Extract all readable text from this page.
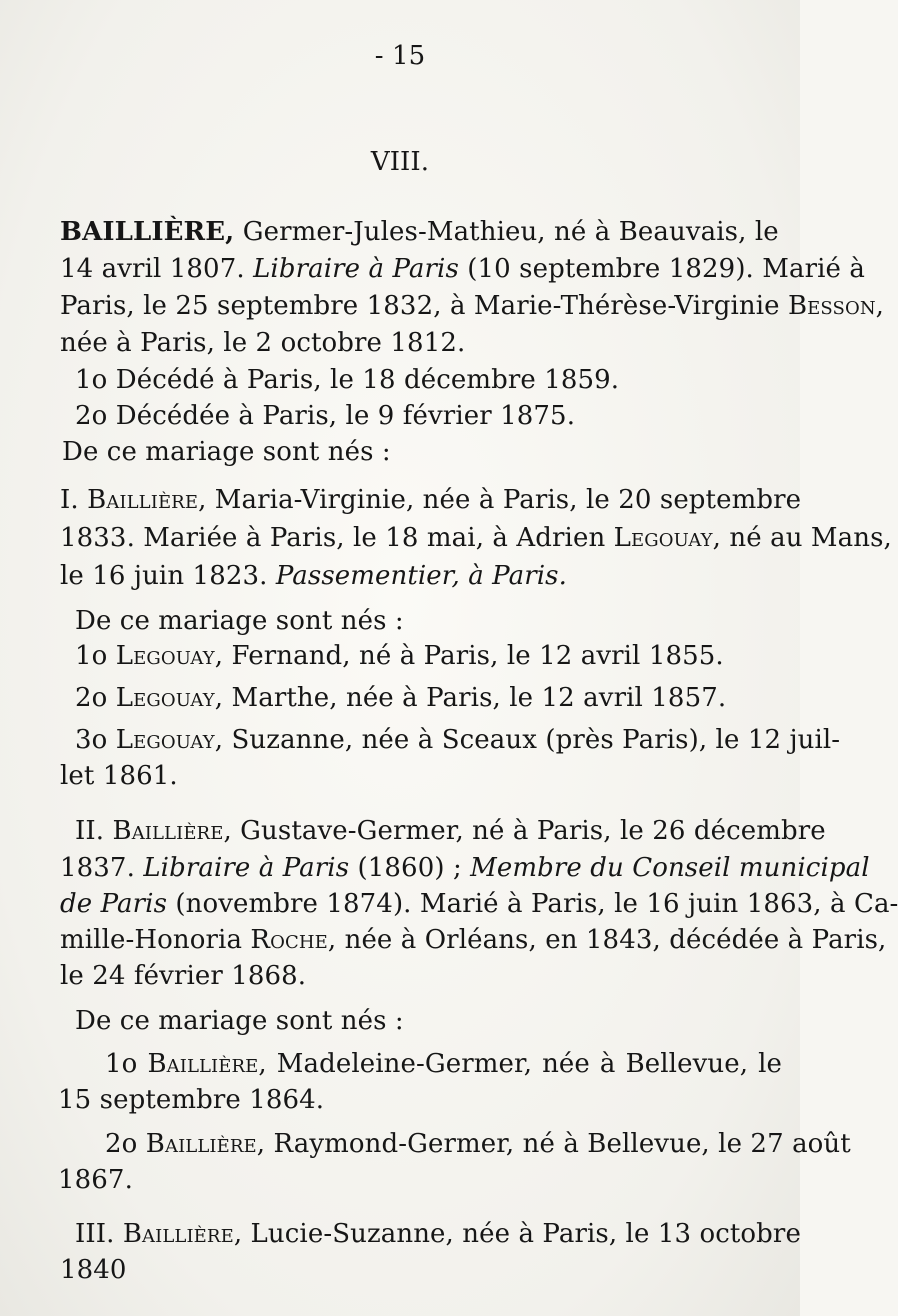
- 15
VIII.
BAILLIÈRE, Germer-Jules-Mathieu, né à Beauvais, le
14 avril 1807. Libraire à Paris (10 septembre 1829). Marié à
Paris, le 25 septembre 1832, à Marie-Thérèse-Virginie Besson,
née à Paris, le 2 octobre 1812.
1o Décédé à Paris, le 18 décembre 1859.
2o Décédée à Paris, le 9 février 1875.
De ce mariage sont nés :
I. Baillière, Maria-Virginie, née à Paris, le 20 septembre
1833. Mariée à Paris, le 18 mai, à Adrien Legouay, né au Mans,
le 16 juin 1823. Passementier, à Paris.
De ce mariage sont nés :
1o Legouay, Fernand, né à Paris, le 12 avril 1855.
2o Legouay, Marthe, née à Paris, le 12 avril 1857.
3o Legouay, Suzanne, née à Sceaux (près Paris), le 12 juil-
let 1861.
II. Baillière, Gustave-Germer, né à Paris, le 26 décembre
1837. Libraire à Paris (1860) ; Membre du Conseil municipal
de Paris (novembre 1874). Marié à Paris, le 16 juin 1863, à Ca-
mille-Honoria Roche, née à Orléans, en 1843, décédée à Paris,
le 24 février 1868.
De ce mariage sont nés :
1o Baillière, Madeleine-Germer, née à Bellevue, le
15 septembre 1864.
2o Baillière, Raymond-Germer, né à Bellevue, le 27 août
1867.
III. Baillière, Lucie-Suzanne, née à Paris, le 13 octobre
1840
